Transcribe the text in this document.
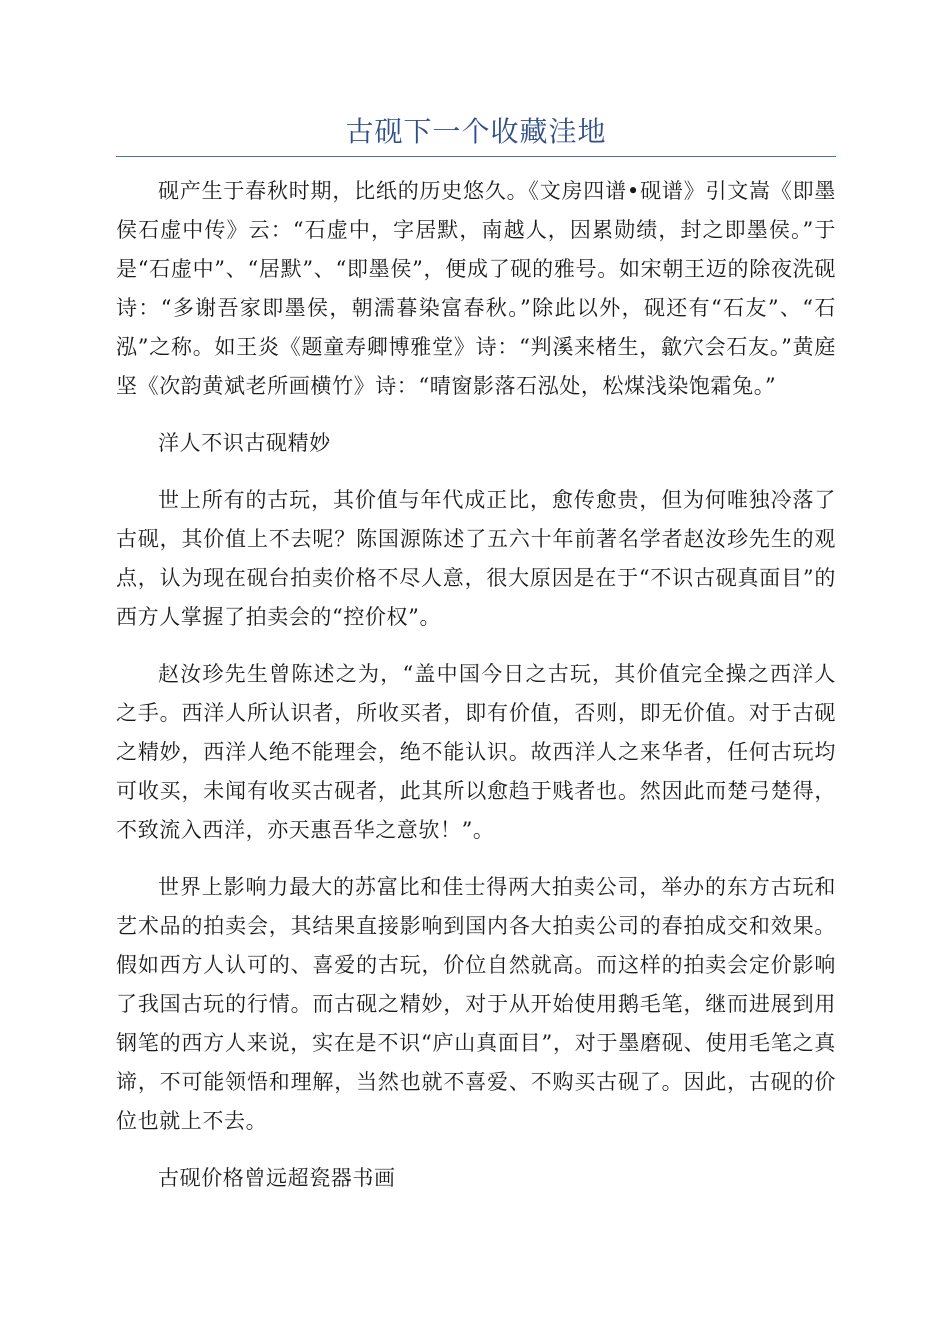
古砚下一个收藏洼地

砚产生于春秋时期，比纸的历史悠久。《文房四谱•砚谱》引文嵩《即墨侯石虚中传》云：“石虚中，字居默，南越人，因累勋绩，封之即墨侯。”于是“石虚中”、“居默”、“即墨侯”，便成了砚的雅号。如宋朝王迈的除夜洗砚诗：“多谢吾家即墨侯，朝濡暮染富春秋。”除此以外，砚还有“石友”、“石泓”之称。如王炎《题童寿卿博雅堂》诗：“判溪来楮生，歙穴会石友。”黄庭坚《次韵黄斌老所画横竹》诗：“晴窗影落石泓处，松煤浅染饱霜兔。”

洋人不识古砚精妙

世上所有的古玩，其价值与年代成正比，愈传愈贵，但为何唯独冷落了古砚，其价值上不去呢？陈国源陈述了五六十年前著名学者赵汝珍先生的观点，认为现在砚台拍卖价格不尽人意，很大原因是在于“不识古砚真面目”的西方人掌握了拍卖会的“控价权”。

赵汝珍先生曾陈述之为，“盖中国今日之古玩，其价值完全操之西洋人之手。西洋人所认识者，所收买者，即有价值，否则，即无价值。对于古砚之精妙，西洋人绝不能理会，绝不能认识。故西洋人之来华者，任何古玩均可收买，未闻有收买古砚者，此其所以愈趋于贱者也。然因此而楚弓楚得，不致流入西洋，亦天惠吾华之意欤！”。

世界上影响力最大的苏富比和佳士得两大拍卖公司，举办的东方古玩和艺术品的拍卖会，其结果直接影响到国内各大拍卖公司的春拍成交和效果。假如西方人认可的、喜爱的古玩，价位自然就高。而这样的拍卖会定价影响了我国古玩的行情。而古砚之精妙，对于从开始使用鹅毛笔，继而进展到用钢笔的西方人来说，实在是不识“庐山真面目”，对于墨磨砚、使用毛笔之真谛，不可能领悟和理解，当然也就不喜爱、不购买古砚了。因此，古砚的价位也就上不去。

古砚价格曾远超瓷器书画
